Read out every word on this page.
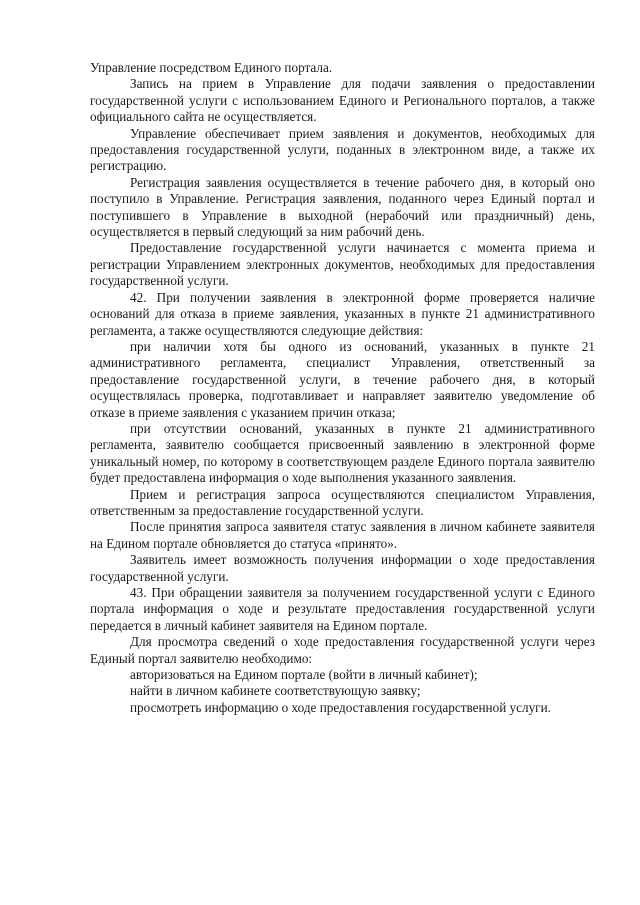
Управление посредством Единого портала.

Запись на прием в Управление для подачи заявления о предоставлении государственной услуги с использованием Единого и Регионального порталов, а также официального сайта не осуществляется.

Управление обеспечивает прием заявления и документов, необходимых для предоставления государственной услуги, поданных в электронном виде, а также их регистрацию.

Регистрация заявления осуществляется в течение рабочего дня, в который оно поступило в Управление. Регистрация заявления, поданного через Единый портал и поступившего в Управление в выходной (нерабочий или праздничный) день, осуществляется в первый следующий за ним рабочий день.

Предоставление государственной услуги начинается с момента приема и регистрации Управлением электронных документов, необходимых для предоставления государственной услуги.

42. При получении заявления в электронной форме проверяется наличие оснований для отказа в приеме заявления, указанных в пункте 21 административного регламента, а также осуществляются следующие действия:

при наличии хотя бы одного из оснований, указанных в пункте 21 административного регламента, специалист Управления, ответственный за предоставление государственной услуги, в течение рабочего дня, в который осуществлялась проверка, подготавливает и направляет заявителю уведомление об отказе в приеме заявления с указанием причин отказа;

при отсутствии оснований, указанных в пункте 21 административного регламента, заявителю сообщается присвоенный заявлению в электронной форме уникальный номер, по которому в соответствующем разделе Единого портала заявителю будет предоставлена информация о ходе выполнения указанного заявления.

Прием и регистрация запроса осуществляются специалистом Управления, ответственным за предоставление государственной услуги.

После принятия запроса заявителя статус заявления в личном кабинете заявителя на Едином портале обновляется до статуса «принято».

Заявитель имеет возможность получения информации о ходе предоставления государственной услуги.

43. При обращении заявителя за получением государственной услуги с Единого портала информация о ходе и результате предоставления государственной услуги передается в личный кабинет заявителя на Едином портале.

Для просмотра сведений о ходе предоставления государственной услуги через Единый портал заявителю необходимо:

авторизоваться на Едином портале (войти в личный кабинет);

найти в личном кабинете соответствующую заявку;

просмотреть информацию о ходе предоставления государственной услуги.
